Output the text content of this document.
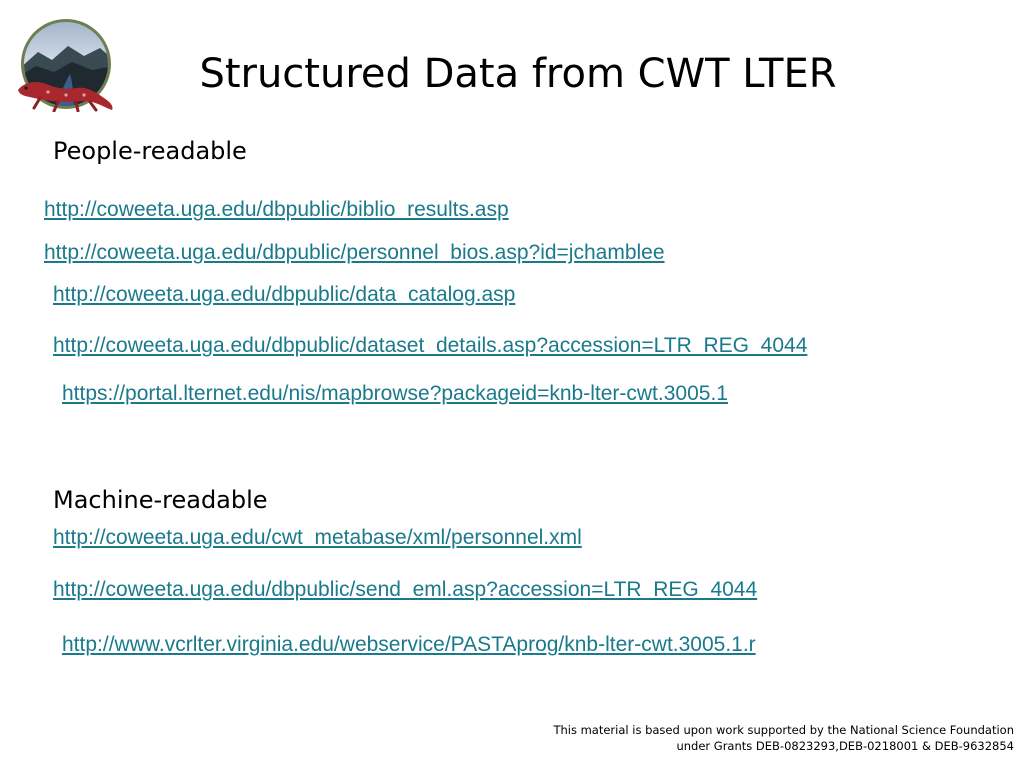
Structured Data from CWT LTER
People-readable
http://coweeta.uga.edu/dbpublic/biblio_results.asp
http://coweeta.uga.edu/dbpublic/personnel_bios.asp?id=jchamblee
http://coweeta.uga.edu/dbpublic/data_catalog.asp
http://coweeta.uga.edu/dbpublic/dataset_details.asp?accession=LTR_REG_4044
https://portal.lternet.edu/nis/mapbrowse?packageid=knb-lter-cwt.3005.1
Machine-readable
http://coweeta.uga.edu/cwt_metabase/xml/personnel.xml
http://coweeta.uga.edu/dbpublic/send_eml.asp?accession=LTR_REG_4044
http://www.vcrlter.virginia.edu/webservice/PASTAprog/knb-lter-cwt.3005.1.r
This material is based upon work supported by the National Science Foundation
under Grants DEB-0823293,DEB-0218001 & DEB-9632854
